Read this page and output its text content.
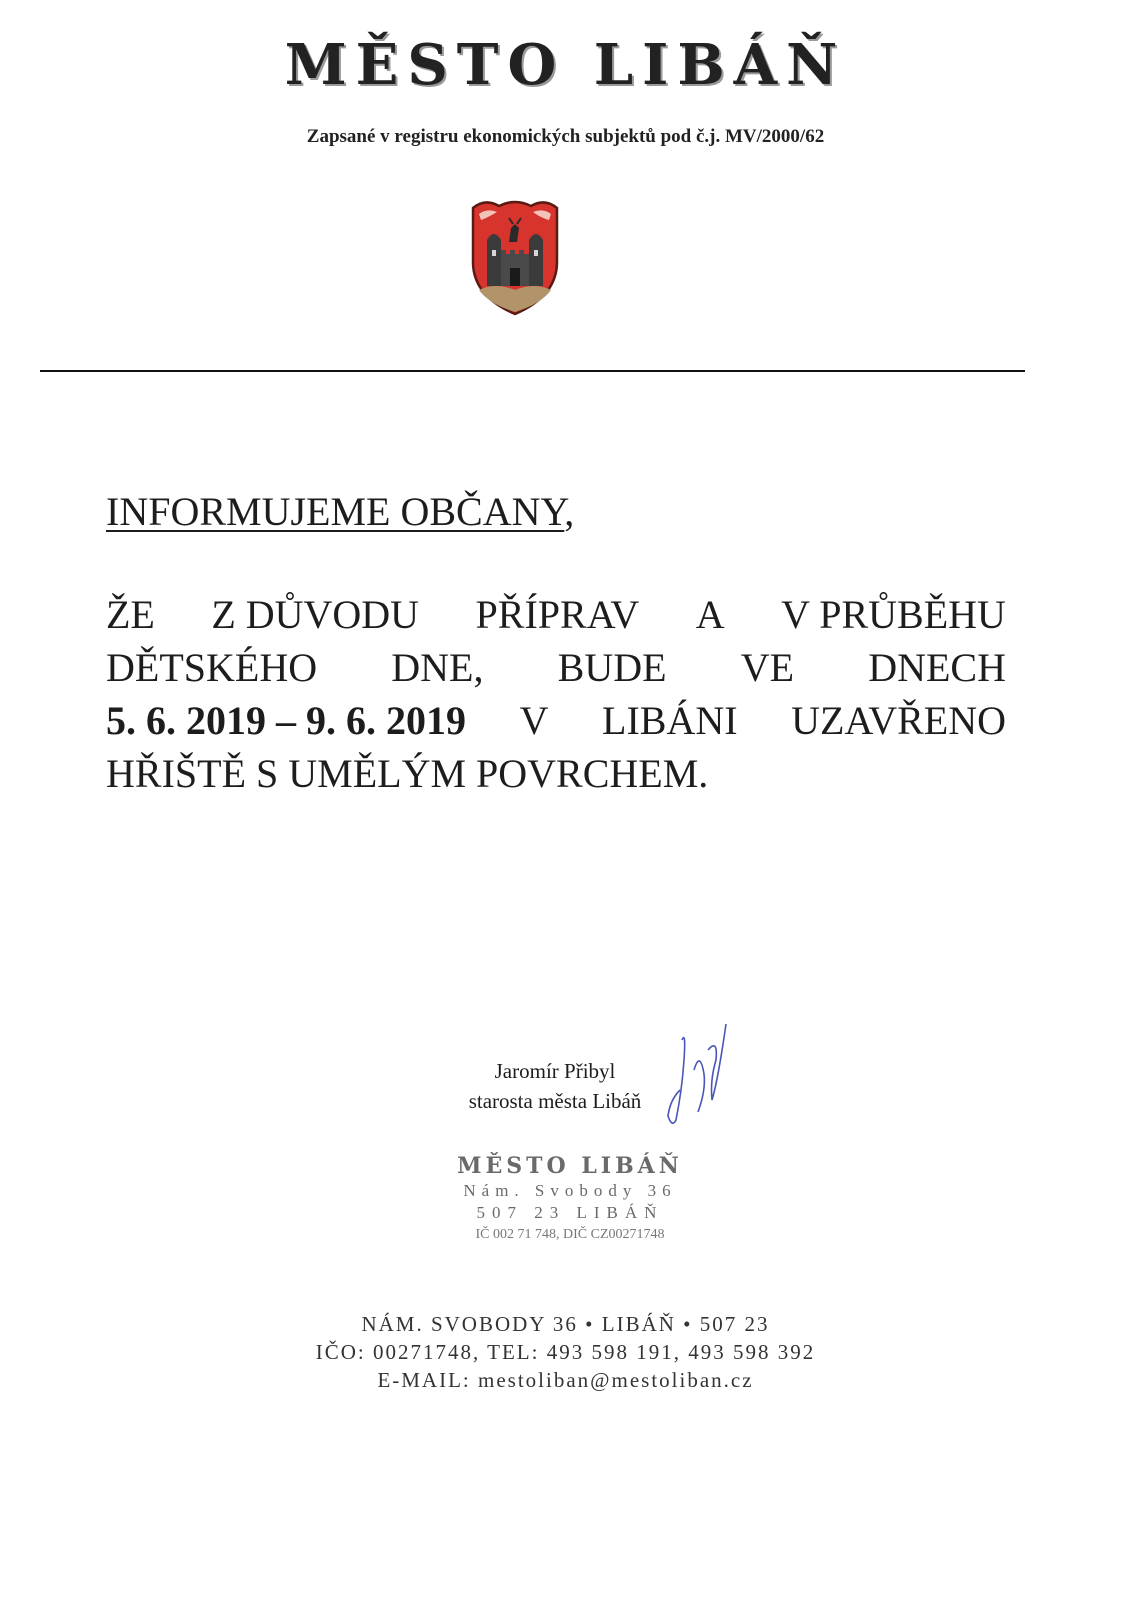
MĚSTO LIBÁŇ
Zapsané v registru ekonomických subjektů pod č.j. MV/2000/62
INFORMUJEME OBČANY,
ŽE Z DŮVODU PŘÍPRAV A V PRŮBĚHU
DĚTSKÉHO DNE, BUDE VE DNECH
5. 6. 2019 – 9. 6. 2019 V LIBÁNI UZAVŘENO
HŘIŠTĚ S UMĚLÝM POVRCHEM.
Jaromír Přibyl
starosta města Libáň
MĚSTO LIBÁŇ
Nám. Svobody 36
507 23 LIBÁŇ
IČ 002 71 748, DIČ CZ00271748
NÁM. SVOBODY 36 • LIBÁŇ • 507 23
IČO: 00271748, TEL: 493 598 191, 493 598 392
E-MAIL: mestoliban@mestoliban.cz
